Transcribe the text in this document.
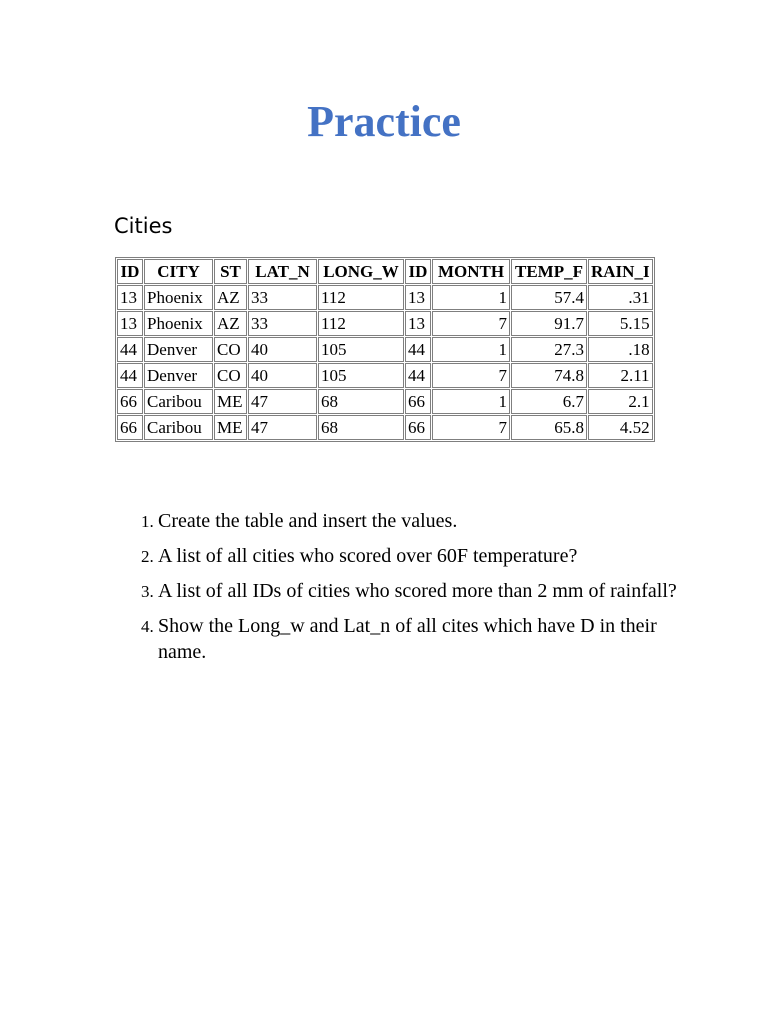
Practice
Cities
ID	CITY	ST	LAT_N	LONG_W	ID	MONTH	TEMP_F	RAIN_I
13	Phoenix	AZ	33	112	13	1	57.4	.31
13	Phoenix	AZ	33	112	13	7	91.7	5.15
44	Denver	CO	40	105	44	1	27.3	.18
44	Denver	CO	40	105	44	7	74.8	2.11
66	Caribou	ME	47	68	66	1	6.7	2.1
66	Caribou	ME	47	68	66	7	65.8	4.52
1. Create the table and insert the values.
2. A list of all cities who scored over 60F temperature?
3. A list of all IDs of cities who scored more than 2 mm of rainfall?
4. Show the Long_w and Lat_n of all cites which have D in their name.
